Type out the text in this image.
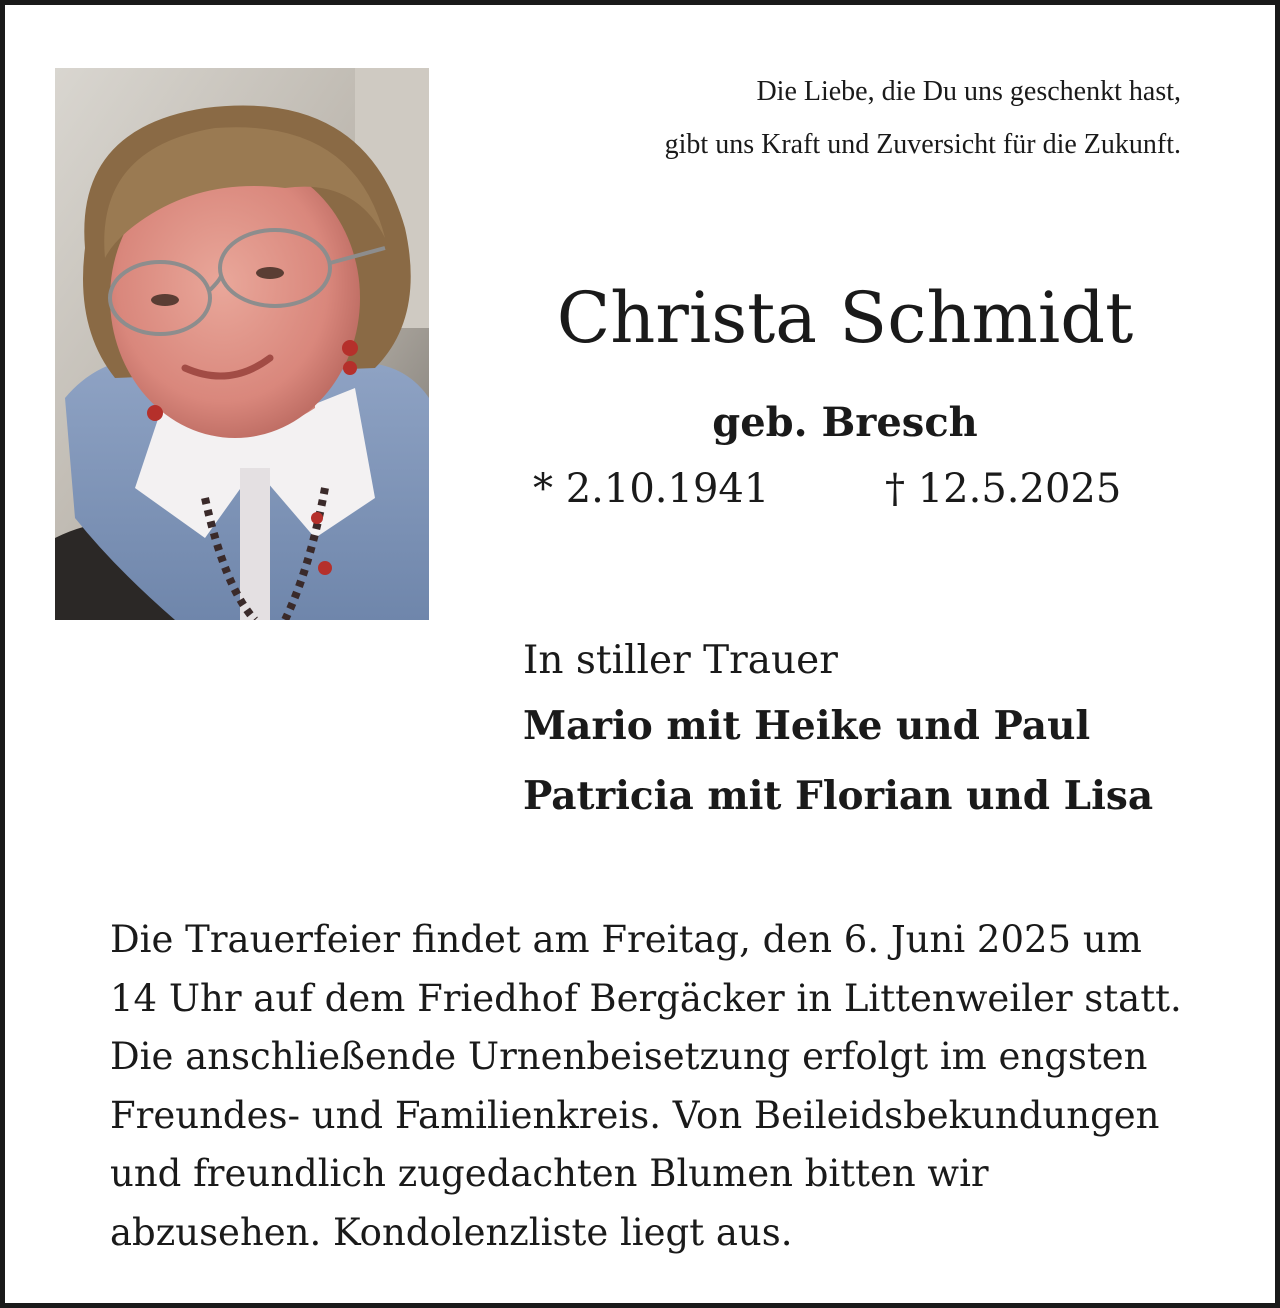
Die Liebe, die Du uns geschenkt hast,
gibt uns Kraft und Zuversicht für die Zukunft.
Christa Schmidt
geb. Bresch
* 2.10.1941	† 12.5.2025
In stiller Trauer
Mario mit Heike und Paul
Patricia mit Florian und Lisa
Die Trauerfeier findet am Freitag, den 6. Juni 2025 um
14 Uhr auf dem Friedhof Bergäcker in Littenweiler statt.
Die anschließende Urnenbeisetzung erfolgt im engsten
Freundes- und Familienkreis. Von Beileidsbekundungen
und freundlich zugedachten Blumen bitten wir
abzusehen. Kondolenzliste liegt aus.
